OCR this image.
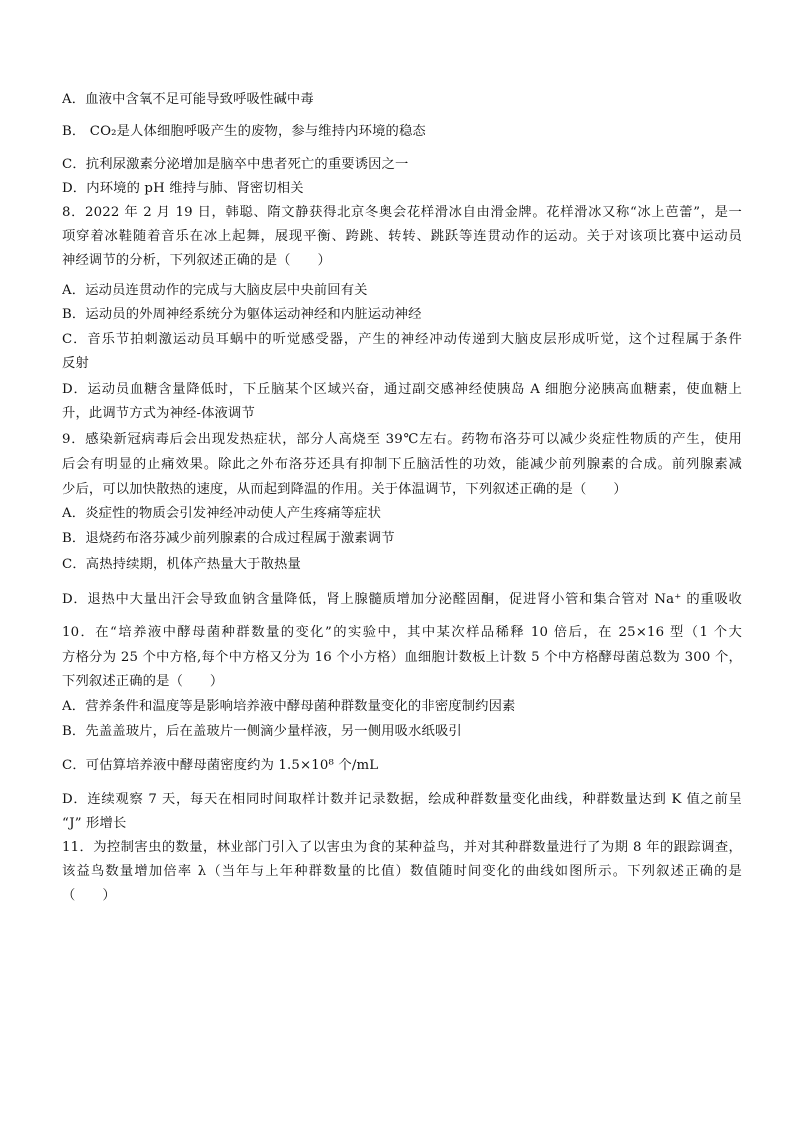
A．血液中含氧不足可能导致呼吸性碱中毒
B． CO₂是人体细胞呼吸产生的废物，参与维持内环境的稳态
C．抗利尿激素分泌增加是脑卒中患者死亡的重要诱因之一
D．内环境的 pH 维持与肺、肾密切相关
8．2022 年 2 月 19 日，韩聪、隋文静获得北京冬奥会花样滑冰自由滑金牌。花样滑冰又称“冰上芭蕾”，是一
项穿着冰鞋随着音乐在冰上起舞，展现平衡、跨跳、转转、跳跃等连贯动作的运动。关于对该项比赛中运动员
神经调节的分析，下列叙述正确的是（　　）
A．运动员连贯动作的完成与大脑皮层中央前回有关
B．运动员的外周神经系统分为躯体运动神经和内脏运动神经
C．音乐节拍刺激运动员耳蜗中的听觉感受器，产生的神经冲动传递到大脑皮层形成听觉，这个过程属于条件
反射
D．运动员血糖含量降低时，下丘脑某个区域兴奋，通过副交感神经使胰岛 A 细胞分泌胰高血糖素，使血糖上
升，此调节方式为神经-体液调节
9．感染新冠病毒后会出现发热症状，部分人高烧至 39℃左右。药物布洛芬可以减少炎症性物质的产生，使用
后会有明显的止痛效果。除此之外布洛芬还具有抑制下丘脑活性的功效，能减少前列腺素的合成。前列腺素减
少后，可以加快散热的速度，从而起到降温的作用。关于体温调节，下列叙述正确的是（　　）
A．炎症性的物质会引发神经冲动使人产生疼痛等症状
B．退烧药布洛芬减少前列腺素的合成过程属于激素调节
C．高热持续期，机体产热量大于散热量
D．退热中大量出汗会导致血钠含量降低，肾上腺髓质增加分泌醛固酮，促进肾小管和集合管对 Na⁺ 的重吸收
10．在“培养液中酵母菌种群数量的变化”的实验中，其中某次样品稀释 10 倍后，在 25×16 型（1 个大
方格分为 25 个中方格,每个中方格又分为 16 个小方格）血细胞计数板上计数 5 个中方格酵母菌总数为 300 个，
下列叙述正确的是（　　）
A．营养条件和温度等是影响培养液中酵母菌种群数量变化的非密度制约因素
B．先盖盖玻片，后在盖玻片一侧滴少量样液，另一侧用吸水纸吸引
C．可估算培养液中酵母菌密度约为 1.5×10⁸ 个/mL
D．连续观察 7 天，每天在相同时间取样计数并记录数据，绘成种群数量变化曲线，种群数量达到 K 值之前呈
“J” 形增长
11．为控制害虫的数量，林业部门引入了以害虫为食的某种益鸟，并对其种群数量进行了为期 8 年的跟踪调查，
该益鸟数量增加倍率 λ（当年与上年种群数量的比值）数值随时间变化的曲线如图所示。下列叙述正确的是
（　　）
